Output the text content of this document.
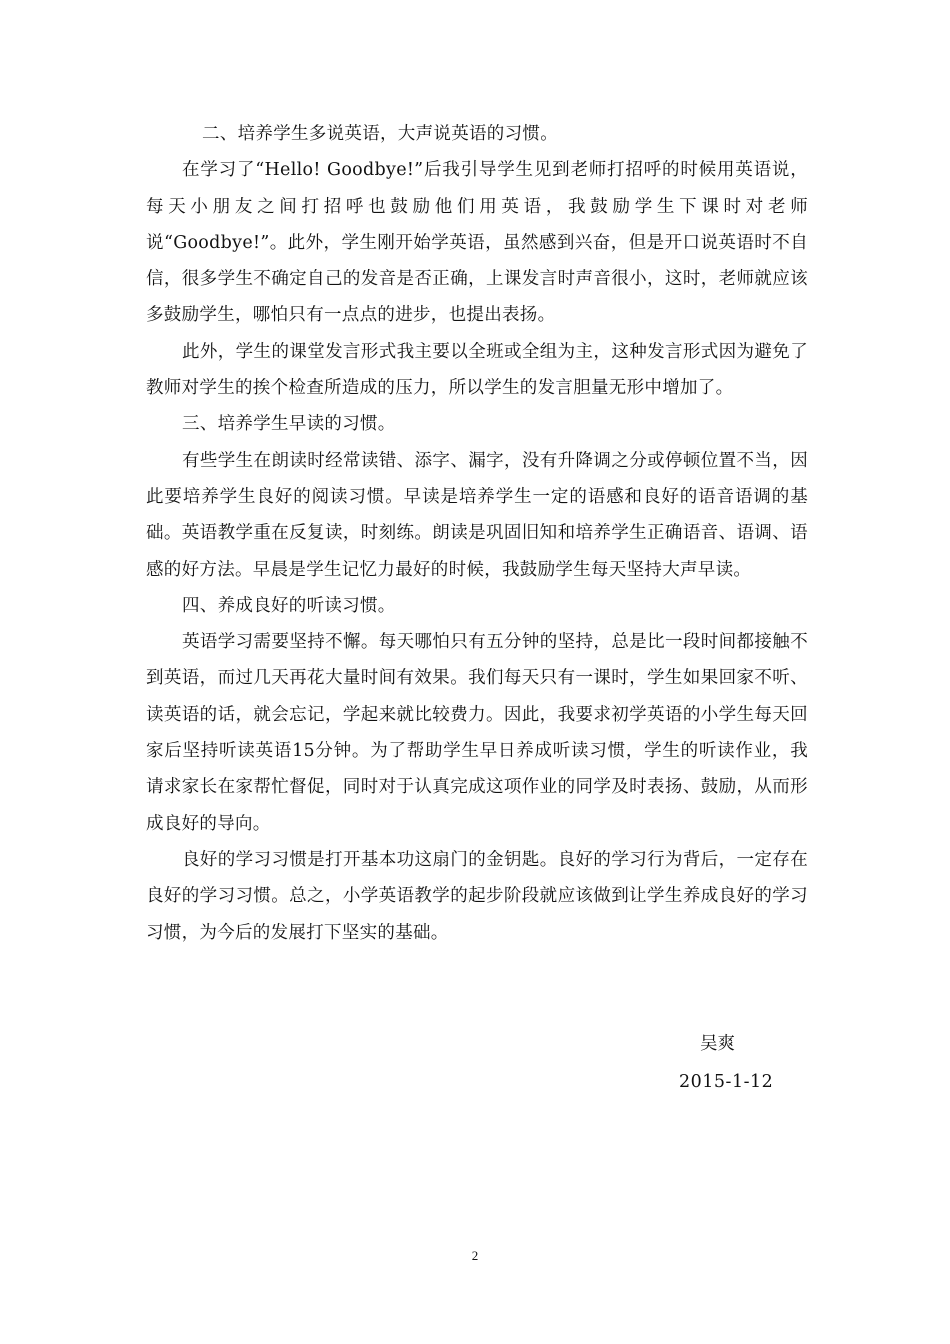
二、培养学生多说英语，大声说英语的习惯。

在学习了“Hello! Goodbye!”后我引导学生见到老师打招呼的时候用英语说，每天小朋友之间打招呼也鼓励他们用英语，我鼓励学生下课时对老师说“Goodbye!”。此外，学生刚开始学英语，虽然感到兴奋，但是开口说英语时不自信，很多学生不确定自己的发音是否正确，上课发言时声音很小，这时，老师就应该多鼓励学生，哪怕只有一点点的进步，也提出表扬。

此外，学生的课堂发言形式我主要以全班或全组为主，这种发言形式因为避免了教师对学生的挨个检查所造成的压力，所以学生的发言胆量无形中增加了。

三、培养学生早读的习惯。

有些学生在朗读时经常读错、添字、漏字，没有升降调之分或停顿位置不当，因此要培养学生良好的阅读习惯。早读是培养学生一定的语感和良好的语音语调的基础。英语教学重在反复读，时刻练。朗读是巩固旧知和培养学生正确语音、语调、语感的好方法。早晨是学生记忆力最好的时候，我鼓励学生每天坚持大声早读。

四、养成良好的听读习惯。

英语学习需要坚持不懈。每天哪怕只有五分钟的坚持，总是比一段时间都接触不到英语，而过几天再花大量时间有效果。我们每天只有一课时，学生如果回家不听、读英语的话，就会忘记，学起来就比较费力。因此，我要求初学英语的小学生每天回家后坚持听读英语15分钟。为了帮助学生早日养成听读习惯，学生的听读作业，我请求家长在家帮忙督促，同时对于认真完成这项作业的同学及时表扬、鼓励，从而形成良好的导向。

良好的学习习惯是打开基本功这扇门的金钥匙。良好的学习行为背后，一定存在良好的学习习惯。总之，小学英语教学的起步阶段就应该做到让学生养成良好的学习习惯，为今后的发展打下坚实的基础。

吴爽
2015-1-12
2
